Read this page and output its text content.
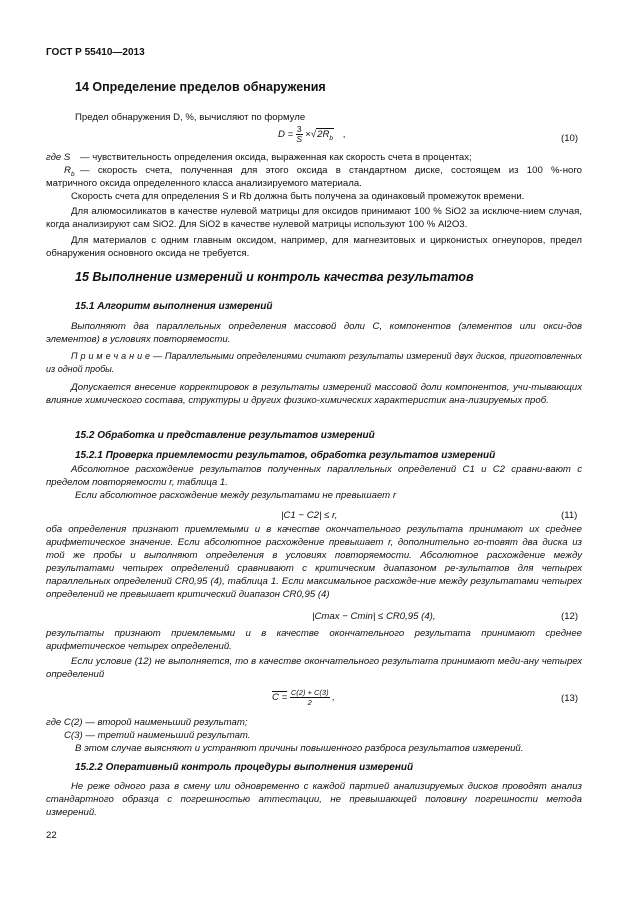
ГОСТ Р 55410—2013
14 Определение пределов обнаружения
Предел обнаружения D, %, вычисляют по формуле
$D = \frac{3}{S} \times√2R_b$ ,	(10)
где S — чувствительность определения оксида, выраженная как скорость счета в процентах;
$R_b$ — скорость счета, полученная для этого оксида в стандартном диске, состоящем из 100 %-ного
матричного оксида определенного класса анализируемого материала.
Скорость счета для определения S и Rb должна быть получена за одинаковый промежуток времени.
Для алюмосиликатов в качестве нулевой матрицы для оксидов принимают 100 % SiO2 за исключе-нием случая, когда анализируют сам SiO2. Для SiO2 в качестве нулевой матрицы используют 100 % Al2O3.
Для материалов с одним главным оксидом, например, для магнезитовых и цирконистых огнеупоров, предел обнаружения основного оксида не требуется.
15 Выполнение измерений и контроль качества результатов
15.1 Алгоритм выполнения измерений
Выполняют два параллельных определения массовой доли C, компонентов (элементов или окси-дов элементов) в условиях повторяемости.
П р и м е ч а н и е — Параллельными определениями считают результаты измерений двух дисков, приготовленных из одной пробы.
Допускается внесение корректировок в результаты измерений массовой доли компонентов, учи-тывающих влияние химического состава, структуры и других физико-химических характеристик ана-лизируемых проб.
15.2 Обработка и представление результатов измерений
15.2.1 Проверка приемлемости результатов, обработка результатов измерений
Абсолютное расхождение результатов полученных параллельных определений C1 и C2 сравни-вают с пределом повторяемости r, таблица 1.
Если абсолютное расхождение между результатами не превышает r
|C1 − C2| ≤ r,	(11)
оба определения признают приемлемыми и в качестве окончательного результата принимают их среднее арифметическое значение. Если абсолютное расхождение превышает r, дополнительно го-товят два диска из той же пробы и выполняют определения в условиях повторяемости. Абсолютное расхождение между результатами четырех определений сравнивают с критическим диапазоном ре-зультатов для четырех параллельных определений CR0,95 (4), таблица 1. Если максимальное расхожде-ние между результатами четырех определений не превышает критический диапазон CR0,95 (4)
|Cmax − Cmin| ≤ CR0,95 (4),	(12)
результаты признают приемлемыми и в качестве окончательного результата принимают среднее арифметическое четырех определений.
Если условие (12) не выполняется, то в качестве окончательного результата принимают меди-ану четырех определений
$C = \frac{C(2) + C(3)}{2}$ ,	(13)
где C(2) — второй наименьший результат;
C(3) — третий наименьший результат.
В этом случае выясняют и устраняют причины повышенного разброса результатов измерений.
15.2.2 Оперативный контроль процедуры выполнения измерений
Не реже одного раза в смену или одновременно с каждой партией анализируемых дисков проводят анализ стандартного образца с погрешностью аттестации, не превышающей половину погрешности метода измерений.
22
